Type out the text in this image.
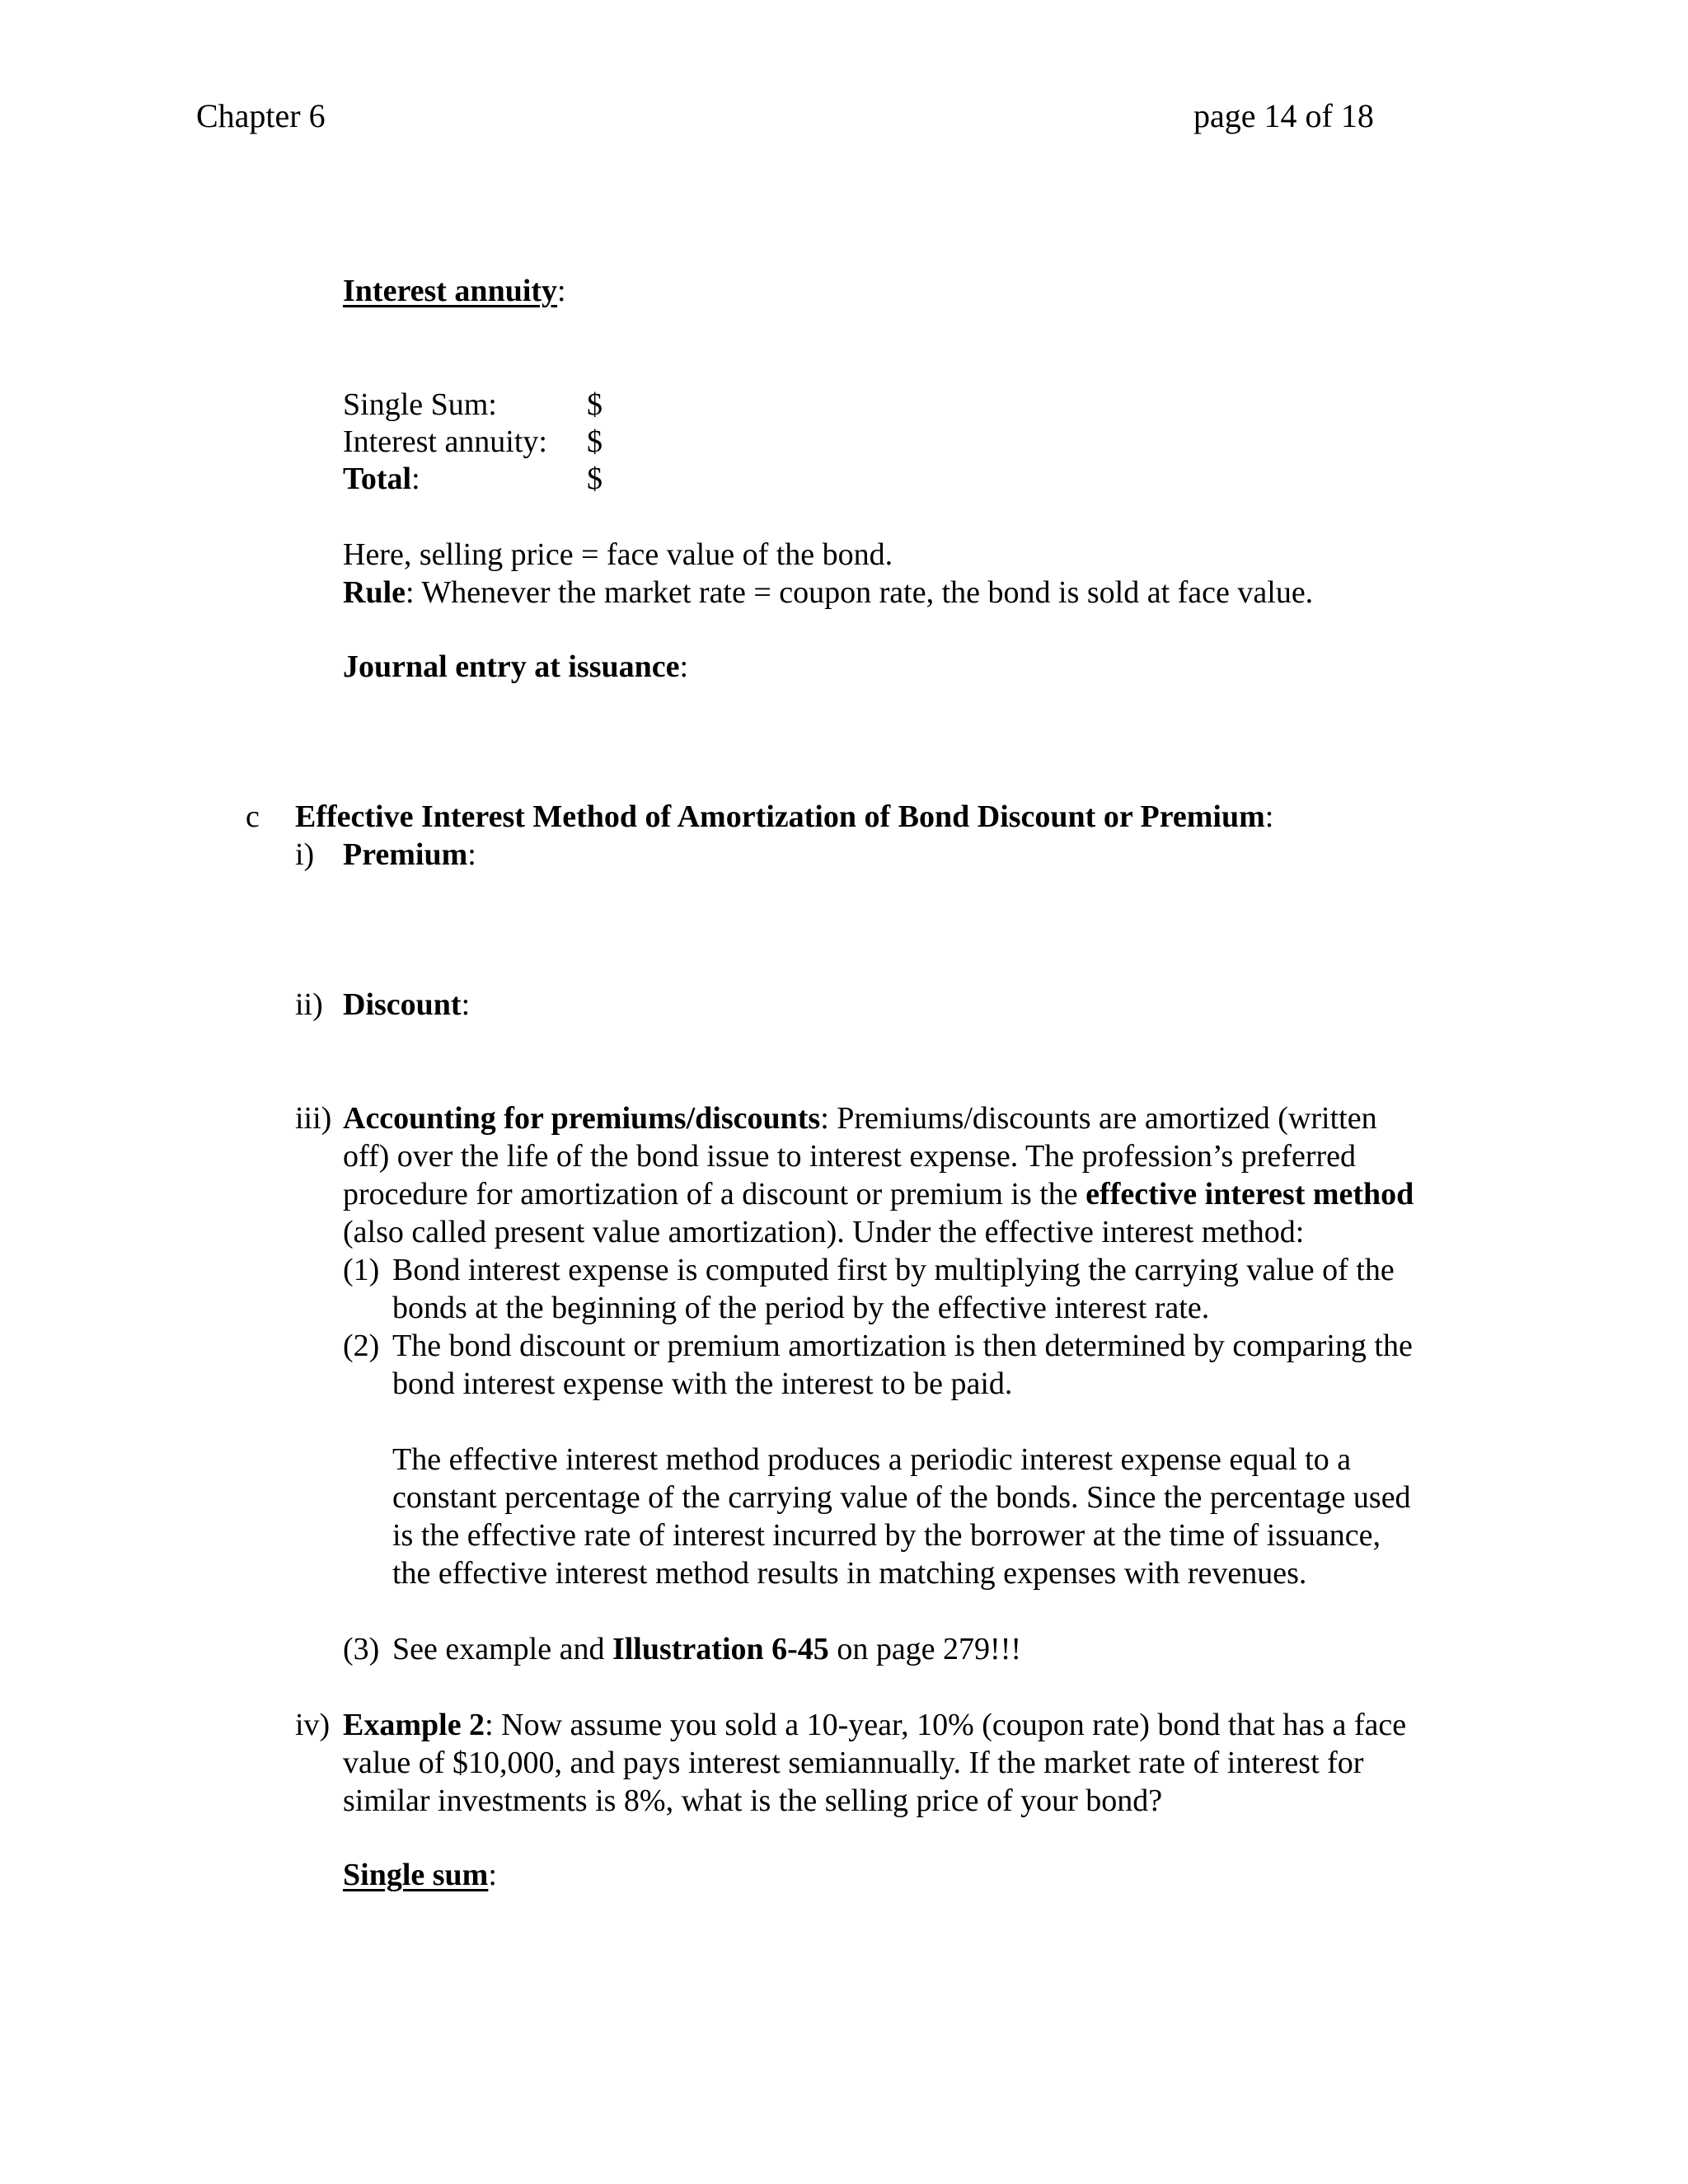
Chapter 6	page 14 of 18
Interest annuity:
Single Sum:	$
Interest annuity: $
Total:	$
Here, selling price = face value of the bond.
Rule: Whenever the market rate = coupon rate, the bond is sold at face value.
Journal entry at issuance:
c Effective Interest Method of Amortization of Bond Discount or Premium:
i) Premium:
ii) Discount:
iii) Accounting for premiums/discounts: Premiums/discounts are amortized (written
off) over the life of the bond issue to interest expense. The profession’s preferred
procedure for amortization of a discount or premium is the effective interest method
(also called present value amortization). Under the effective interest method:
(1) Bond interest expense is computed first by multiplying the carrying value of the
bonds at the beginning of the period by the effective interest rate.
(2) The bond discount or premium amortization is then determined by comparing the
bond interest expense with the interest to be paid.
The effective interest method produces a periodic interest expense equal to a
constant percentage of the carrying value of the bonds. Since the percentage used
is the effective rate of interest incurred by the borrower at the time of issuance,
the effective interest method results in matching expenses with revenues.
(3) See example and Illustration 6-45 on page 279!!!
iv) Example 2: Now assume you sold a 10-year, 10% (coupon rate) bond that has a face
value of $10,000, and pays interest semiannually. If the market rate of interest for
similar investments is 8%, what is the selling price of your bond?
Single sum:
